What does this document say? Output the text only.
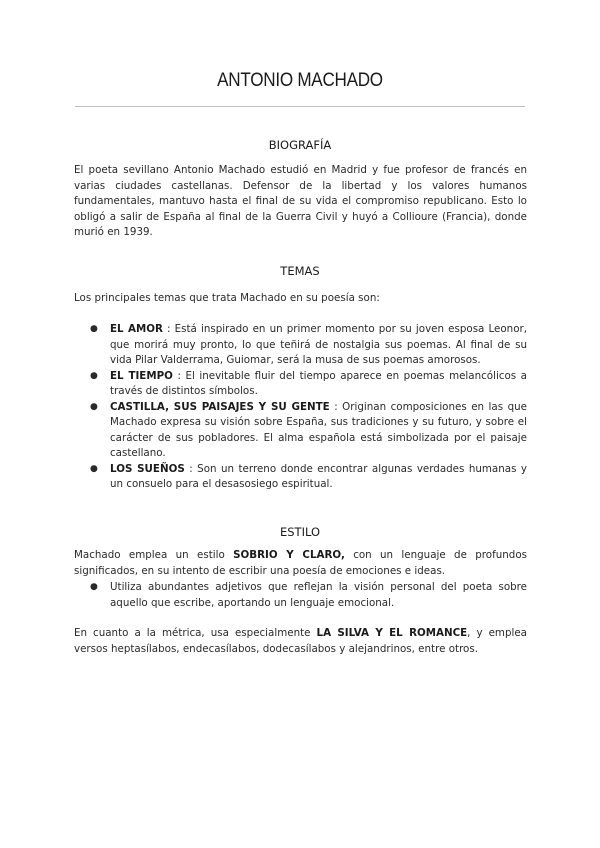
ANTONIO MACHADO
BIOGRAFÍA

El poeta sevillano Antonio Machado estudió en Madrid y fue profesor de francés en varias ciudades castellanas. Defensor de la libertad y los valores humanos fundamentales, mantuvo hasta el final de su vida el compromiso republicano. Esto lo obligó a salir de España al final de la Guerra Civil y huyó a Collioure (Francia), donde murió en 1939.

TEMAS

Los principales temas que trata Machado en su poesía son:

● EL AMOR : Está inspirado en un primer momento por su joven esposa Leonor, que morirá muy pronto, lo que teñirá de nostalgia sus poemas. Al final de su vida Pilar Valderrama, Guiomar, será la musa de sus poemas amorosos.
● EL TIEMPO : El inevitable fluir del tiempo aparece en poemas melancólicos a través de distintos símbolos.
● CASTILLA, SUS PAISAJES Y SU GENTE : Originan composiciones en las que Machado expresa su visión sobre España, sus tradiciones y su futuro, y sobre el carácter de sus pobladores. El alma española está simbolizada por el paisaje castellano.
● LOS SUEÑOS : Son un terreno donde encontrar algunas verdades humanas y un consuelo para el desasosiego espiritual.
ESTILO

Machado emplea un estilo SOBRIO Y CLARO, con un lenguaje de profundos significados, en su intento de escribir una poesía de emociones e ideas.

● Utiliza abundantes adjetivos que reflejan la visión personal del poeta sobre aquello que escribe, aportando un lenguaje emocional.

En cuanto a la métrica, usa especialmente LA SILVA Y EL ROMANCE, y emplea versos heptasílabos, endecasílabos, dodecasílabos y alejandrinos, entre otros.
